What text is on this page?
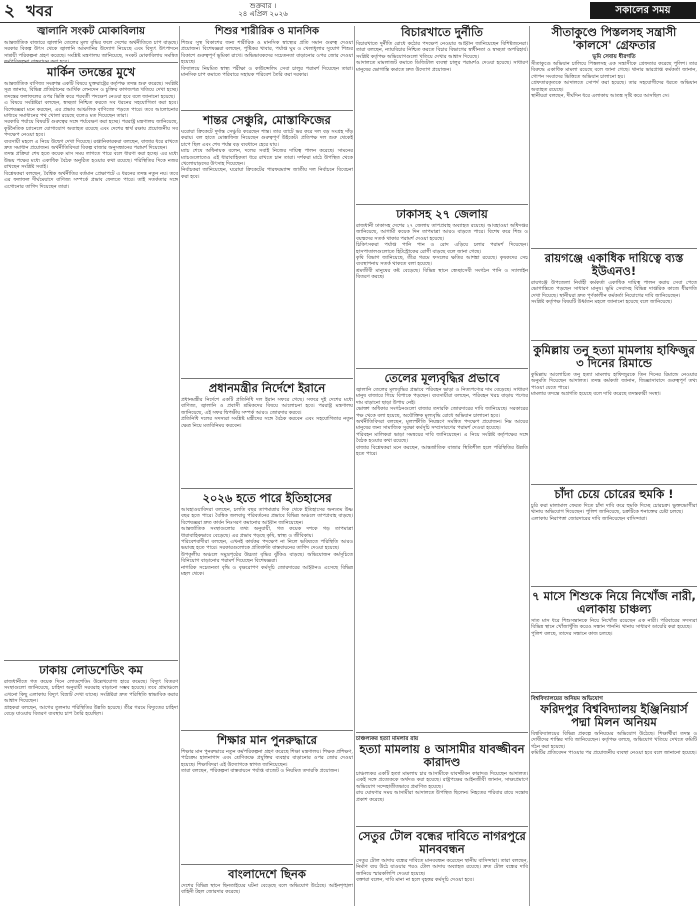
২ খবর	শুক্রবার ।
২৪ এপ্রিল ২০২৬	সকালের সময়
জ্বালানি সংকট মোকাবিলায়

আন্তর্জাতিক বাজারে জ্বালানি তেলের মূল্য বৃদ্ধির ফলে দেশের অর্থনীতিতে চাপ বাড়ছে। সরকার বিকল্প উৎস থেকে জ্বালানি আমদানির উদ্যোগ নিয়েছে এবং বিদ্যুৎ উৎপাদনে সাশ্রয়ী পরিকল্পনা গ্রহণ করেছে। সংশ্লিষ্ট মন্ত্রণালয় জানিয়েছে, সংকট মোকাবিলায় সমন্বিত

মার্কিন তদন্তের মুখে

আন্তর্জাতিক বাণিজ্য সংক্রান্ত একটি বিষয়ে যুক্তরাষ্ট্রের কর্তৃপক্ষ তদন্ত শুরু করেছে। সংশ্লিষ্ট সূত্র জানায়, বিভিন্ন প্রতিষ্ঠানের আর্থিক লেনদেন ও চুক্তির কাগজপত্র খতিয়ে দেখা হচ্ছে। তদন্তের ফলাফলের ওপর ভিত্তি করে পরবর্তী পদক্ষেপ নেওয়া হবে বলে জানানো হয়েছে।

এ বিষয়ে সংশ্লিষ্টরা বলছেন, স্বচ্ছতা নিশ্চিত করতে সব ধরনের সহযোগিতা করা হবে। বিশেষজ্ঞরা মনে করছেন, এর প্রভাব আঞ্চলিক বাণিজ্যে পড়তে পারে। তবে আলোচনার মাধ্যমে সমাধানের পথ খোলা রয়েছে বলেও মত দিয়েছেন তারা।

সরকারি পর্যায়ে বিষয়টি গুরুত্বের সঙ্গে পর্যবেক্ষণ করা হচ্ছে। পররাষ্ট্র মন্ত্রণালয় জানিয়েছে, কূটনৈতিক চ্যানেলে যোগাযোগ অব্যাহত রয়েছে এবং দেশের স্বার্থ রক্ষায় প্রয়োজনীয় সব পদক্ষেপ নেওয়া হবে।

ব্যবসায়ী মহলে এ নিয়ে উদ্বেগ দেখা দিয়েছে। রপ্তানিকারকরা বলছেন, বাজার ধরে রাখতে দ্রুত সমাধান প্রয়োজন। অর্থনীতিবিদরা বিকল্প বাজার অনুসন্ধানের পরামর্শ দিয়েছেন।

তদন্ত প্রক্রিয়া শেষ হতে কয়েক মাস সময় লাগতে পারে বলে ধারণা করা হচ্ছে। এর মধ্যে উভয় পক্ষের মধ্যে একাধিক বৈঠক অনুষ্ঠিত হওয়ার কথা রয়েছে। পরিস্থিতির দিকে নজর রাখছেন সংশ্লিষ্ট সবাই।

বিশ্লেষকরা বলছেন, বৈশ্বিক অর্থনীতির বর্তমান প্রেক্ষাপটে এ ধরনের তদন্ত নতুন নয়। তবে এর ফলাফল দীর্ঘমেয়াদে বাণিজ্য সম্পর্কে প্রভাব ফেলতে পারে। তাই সতর্কতার সঙ্গে এগোনোর তাগিদ দিয়েছেন তারা।

ঢাকায় লোডশেডিং কম

রাজধানীতে গত কয়েক দিনে লোডশেডিং উল্লেখযোগ্য হারে কমেছে। বিদ্যুৎ বিতরণ সংস্থাগুলো জানিয়েছে, চাহিদা অনুযায়ী সরবরাহ বাড়ানো সম্ভব হয়েছে। তবে গ্রামাঞ্চলে এখনো কিছু এলাকায় বিদ্যুৎ বিভ্রাট দেখা যাচ্ছে। সংশ্লিষ্টরা দ্রুত পরিস্থিতি স্বাভাবিক করার আশ্বাস দিয়েছেন।

গ্রাহকরা বলছেন, আগের তুলনায় পরিস্থিতির উন্নতি হয়েছে। তীব্র গরমে বিদ্যুতের চাহিদা বেড়ে যাওয়ায় বিতরণ ব্যবস্থায় চাপ তৈরি হয়েছিল।

শিশুর শারীরিক ও মানসিক

শিশুর সুস্থ বিকাশের জন্য শারীরিক ও মানসিক স্বাস্থ্যের প্রতি সমান গুরুত্ব দেওয়া প্রয়োজন। বিশেষজ্ঞরা বলছেন, পুষ্টিকর খাবার, পর্যাপ্ত ঘুম ও খেলাধুলার সুযোগ শিশুর বিকাশে গুরুত্বপূর্ণ ভূমিকা রাখে। অভিভাবকদের সচেতনতা বাড়ানোর ওপর জোর দেওয়া হয়েছে।

বিদ্যালয়ে নিয়মিত স্বাস্থ্য পরীক্ষা ও কাউন্সেলিং সেবা চালুর পরামর্শ দিয়েছেন তারা। মানসিক চাপ কমাতে পরিবারে সহায়ক পরিবেশ তৈরি করা দরকার।

শান্তর সেঞ্চুরি, মোস্তাফিজের

ঘরোয়া ক্রিকেটে দুর্দান্ত সেঞ্চুরি করেছেন শান্ত। তার ব্যাটে ভর করে দল বড় সংগ্রহ দাঁড় করায়। বল হাতে মোস্তাফিজ নিয়েছেন গুরুত্বপূর্ণ উইকেট। প্রতিপক্ষ দল শুরু থেকেই চাপে ছিল এবং শেষ পর্যন্ত বড় ব্যবধানে হেরে যায়।

ম্যাচ শেষে অধিনায়ক বলেন, দলের সবাই নিজের দায়িত্ব পালন করেছে। সামনের ম্যাচগুলোতেও এই ধারাবাহিকতা ধরে রাখতে চান তারা। দর্শকরা মাঠে উপস্থিত থেকে খেলোয়াড়দের উৎসাহ দিয়েছেন।

নির্বাচকরা জানিয়েছেন, ঘরোয়া ক্রিকেটের পারফরম্যান্স জাতীয় দল নির্বাচনে বিবেচনা করা হবে।

প্রধানমন্ত্রীর নির্দেশে ইরানে

প্রধানমন্ত্রীর নির্দেশে একটি প্রতিনিধি দল ইরান সফরে গেছে। সফরে দুই দেশের মধ্যে বাণিজ্য, জ্বালানি ও প্রবাসী শ্রমিকদের বিষয়ে আলোচনা হবে। পররাষ্ট্র মন্ত্রণালয় জানিয়েছে, এই সফর দ্বিপক্ষীয় সম্পর্ক আরও জোরদার করবে।

প্রতিনিধি দলের সদস্যরা সংশ্লিষ্ট মন্ত্রীদের সঙ্গে বৈঠক করবেন এবং সহযোগিতার নতুন ক্ষেত্র নিয়ে মতবিনিময় করবেন।

২০২৬ হতে পারে ইতিহাসের

আবহাওয়াবিদরা বলছেন, চলতি বছর তাপমাত্রার দিক থেকে ইতিহাসের অন্যতম উষ্ণ বছর হতে পারে। বৈশ্বিক জলবায়ু পরিবর্তনের প্রভাবে বিভিন্ন অঞ্চলে তাপপ্রবাহ বাড়ছে। বিশেষজ্ঞরা দ্রুত কার্বন নিঃসরণ কমানোর আহ্বান জানিয়েছেন।

আন্তর্জাতিক সংস্থাগুলোর তথ্য অনুযায়ী, গত কয়েক দশকে গড় তাপমাত্রা ধারাবাহিকভাবে বেড়েছে। এর প্রভাব পড়ছে কৃষি, স্বাস্থ্য ও জীবিকায়।

পরিবেশবাদীরা বলছেন, এখনই কার্যকর পদক্ষেপ না নিলে ভবিষ্যতে পরিস্থিতি আরও ভয়াবহ হতে পারে। সরকারগুলোকে প্রতিশ্রুতি বাস্তবায়নের তাগিদ দেওয়া হয়েছে।

উপকূলীয় অঞ্চলে সমুদ্রপৃষ্ঠের উচ্চতা বৃদ্ধির ঝুঁকিও বাড়ছে। অভিযোজন কর্মসূচিতে বিনিয়োগ বাড়ানোর পরামর্শ দিয়েছেন বিশেষজ্ঞরা।

নাগরিক সচেতনতা বৃদ্ধি ও বৃক্ষরোপণ কর্মসূচি জোরদারের আহ্বানও এসেছে বিভিন্ন মহল থেকে।

শিক্ষার মান পুনরুদ্ধারে

শিক্ষার মান পুনরুদ্ধারে নতুন কর্মপরিকল্পনা গ্রহণ করেছে শিক্ষা মন্ত্রণালয়। শিক্ষক প্রশিক্ষণ, পাঠ্যক্রম হালনাগাদ এবং শ্রেণিকক্ষে প্রযুক্তির ব্যবহার বাড়ানোর ওপর জোর দেওয়া হয়েছে। শিক্ষাবিদরা এই উদ্যোগকে স্বাগত জানিয়েছেন।

তারা বলছেন, পরিকল্পনা বাস্তবায়নে পর্যাপ্ত বাজেট ও নিয়মিত তদারকি প্রয়োজন।

বাংলাদেশে ছিনক

দেশের বিভিন্ন স্থানে ছিনতাইয়ের ঘটনা বেড়েছে বলে অভিযোগ উঠেছে। আইনশৃঙ্খলা বাহিনী টহল জোরদার করেছে।

বিচারখাতে দুর্নীতি

বিচারখাতে দুর্নীতি রোধে কঠোর পদক্ষেপ নেওয়ার আহ্বান জানিয়েছেন বিশিষ্টজনেরা। তারা বলছেন, ন্যায়বিচার নিশ্চিত করতে বিচার বিভাগের স্বাধীনতা ও স্বচ্ছতা অপরিহার্য। সংশ্লিষ্ট কর্তৃপক্ষ অভিযোগগুলো খতিয়ে দেখার আশ্বাস দিয়েছে।

আদালতে মামলাজট কমাতে ডিজিটাল ব্যবস্থা চালুর পরামর্শও দেওয়া হয়েছে। সাধারণ মানুষের ভোগান্তি কমাতে দ্রুত উদ্যোগ প্রয়োজন।

ঢাকাসহ ২৭ জেলায়

রাজধানী ঢাকাসহ দেশের ২৭ জেলায় তাপপ্রবাহ অব্যাহত রয়েছে। আবহাওয়া অধিদপ্তর জানিয়েছে, আগামী কয়েক দিন তাপমাত্রা আরও বাড়তে পারে। বিশেষ করে শিশু ও বয়স্কদের সতর্ক থাকার পরামর্শ দেওয়া হয়েছে।

চিকিৎসকরা পর্যাপ্ত পানি পান ও রোদ এড়িয়ে চলার পরামর্শ দিয়েছেন। হাসপাতালগুলোতে হিটস্ট্রোকের রোগী বাড়ছে বলে জানা গেছে।

কৃষি বিভাগ জানিয়েছে, তীব্র গরমে ফসলের ক্ষতির আশঙ্কা রয়েছে। কৃষকদের সেচ ব্যবস্থাপনায় সতর্ক থাকতে বলা হয়েছে।

শ্রমজীবী মানুষের কষ্ট বেড়েছে। বিভিন্ন স্থানে স্বেচ্ছাসেবী সংগঠন পানি ও স্যালাইন বিতরণ করছে।

তেলের মূল্যবৃদ্ধির প্রভাবে

জ্বালানি তেলের মূল্যবৃদ্ধির প্রভাবে পরিবহন ভাড়া ও নিত্যপণ্যের দাম বেড়েছে। সাধারণ মানুষ বাজারে গিয়ে বিপাকে পড়ছেন। ব্যবসায়ীরা বলছেন, পরিবহন খরচ বাড়ায় পণ্যের দাম বাড়ানো ছাড়া উপায় নেই।

ভোক্তা অধিকার সংগঠনগুলো বাজার তদারকি জোরদারের দাবি জানিয়েছে। সরকারের পক্ষ থেকে বলা হয়েছে, অযৌক্তিক মূল্যবৃদ্ধি রোধে অভিযান চালানো হবে।

অর্থনীতিবিদরা বলছেন, মূল্যস্ফীতি নিয়ন্ত্রণে সমন্বিত পদক্ষেপ প্রয়োজন। নিম্ন আয়ের মানুষের জন্য সামাজিক সুরক্ষা কর্মসূচি সম্প্রসারণের পরামর্শ দেওয়া হয়েছে।

পরিবহন মালিকরা ভাড়া সমন্বয়ের দাবি জানিয়েছেন। এ নিয়ে সংশ্লিষ্ট কর্তৃপক্ষের সঙ্গে বৈঠক হওয়ার কথা রয়েছে।

বাজার বিশ্লেষকরা মনে করছেন, আন্তর্জাতিক বাজার স্থিতিশীল হলে পরিস্থিতির উন্নতি হতে পারে।

চাঞ্চল্যকর হত্যা মামলার রায়
হত্যা মামলায় ৪ আসামীর যাবজ্জীবন কারাদণ্ড

চাঞ্চল্যকর একটি হত্যা মামলায় চার আসামীকে যাবজ্জীবন কারাদণ্ড দিয়েছেন আদালত। একই সঙ্গে প্রত্যেককে অর্থদণ্ড করা হয়েছে। রাষ্ট্রপক্ষের আইনজীবী জানান, সাক্ষ্যপ্রমাণে অভিযোগ সন্দেহাতীতভাবে প্রমাণিত হয়েছে।

রায় ঘোষণার সময় আসামীরা আদালতে উপস্থিত ছিলেন। নিহতের পরিবার রায়ে সন্তোষ প্রকাশ করেছে।

সেতুর টোল বন্ধের দাবিতে নাগরপুরে মানববন্ধন

সেতুর টোল আদায় বন্ধের দাবিতে মানববন্ধন করেছেন স্থানীয় বাসিন্দারা। তারা বলছেন, নির্মাণ ব্যয় উঠে যাওয়ার পরও টোল আদায় অব্যাহত রয়েছে। দ্রুত টোল বন্ধের দাবি জানিয়ে স্মারকলিপি দেওয়া হয়েছে।

বক্তারা বলেন, দাবি মানা না হলে বৃহত্তর কর্মসূচি দেওয়া হবে।

সীতাকুণ্ডে পিস্তলসহ সন্ত্রাসী 'কালসে' গ্রেফতার
ভূমি সেবায় ধীরগতি

সীতাকুণ্ডে অভিযান চালিয়ে পিস্তলসহ এক সন্ত্রাসীকে গ্রেফতার করেছে পুলিশ। তার বিরুদ্ধে একাধিক মামলা রয়েছে বলে জানা গেছে। থানার ভারপ্রাপ্ত কর্মকর্তা জানান, গোপন সংবাদের ভিত্তিতে অভিযান চালানো হয়।

গ্রেফতারকৃতকে আদালতে সোপর্দ করা হয়েছে। তার সহযোগীদের ধরতে অভিযান অব্যাহত রয়েছে।

স্থানীয়রা বলছেন, দীর্ঘদিন ধরে এলাকায় আতঙ্ক সৃষ্টি করে আসছিল সে।

রায়গঞ্জে একাধিক দায়িত্বে ব্যস্ত ইউএনও!

রায়গঞ্জে উপজেলা নির্বাহী কর্মকর্তা একাধিক দায়িত্ব পালন করায় সেবা পেতে ভোগান্তিতে পড়ছেন সাধারণ মানুষ। ভূমি সেবাসহ বিভিন্ন দাপ্তরিক কাজে ধীরগতি দেখা দিয়েছে। স্থানীয়রা দ্রুত পূর্ণকালীন কর্মকর্তা নিয়োগের দাবি জানিয়েছেন।

সংশ্লিষ্ট কর্তৃপক্ষ বিষয়টি উর্ধ্বতন মহলে জানানো হয়েছে বলে জানিয়েছে।

কুমিল্লায় তনু হত্যা মামলায় হাফিজুর ৩ দিনের রিমান্ডে

কুমিল্লায় আলোচিত তনু হত্যা মামলায় হাফিজুরকে তিন দিনের রিমান্ডে নেওয়ার অনুমতি দিয়েছেন আদালত। তদন্ত কর্মকর্তা জানান, জিজ্ঞাসাবাদে গুরুত্বপূর্ণ তথ্য পাওয়া যেতে পারে।

মামলার তদন্তে অগ্রগতি হয়েছে বলে দাবি করেছে তদন্তকারী সংস্থা।

চাঁদা চেয়ে চোরের হুমকি !

চুরি করা মালামাল ফেরত দিতে চাঁদা দাবি করে হুমকি দিচ্ছে চোরচক্র। ভুক্তভোগীরা থানায় অভিযোগ দিয়েছেন। পুলিশ জানিয়েছে, চক্রটিকে শনাক্তের চেষ্টা চলছে।

এলাকায় নিরাপত্তা জোরদারের দাবি জানিয়েছেন বাসিন্দারা।

৭ মাসে শিশুকে নিয়ে নিখোঁজ নারী, এলাকায় চাঞ্চল্য

সাত মাস ধরে শিশুসন্তানকে নিয়ে নিখোঁজ রয়েছেন এক নারী। পরিবারের সদস্যরা বিভিন্ন স্থানে খোঁজাখুঁজি করেও সন্ধান পাননি। থানায় সাধারণ ডায়েরি করা হয়েছে।

পুলিশ বলছে, তাদের সন্ধানে কাজ চলছে।

বিশ্ববিদ্যালয়ের অনিয়ম অভিযোগ
ফরিদপুর বিশ্ববিদ্যালয় ইঞ্জিনিয়ার্স পদ্মা মিলন অনিয়ম

বিশ্ববিদ্যালয়ের বিভিন্ন প্রকল্পে অনিয়মের অভিযোগ উঠেছে। শিক্ষার্থীরা তদন্ত ও দোষীদের শাস্তির দাবি জানিয়েছেন। কর্তৃপক্ষ বলছে, অভিযোগ খতিয়ে দেখতে কমিটি গঠন করা হয়েছে।

কমিটির প্রতিবেদন পাওয়ার পর প্রয়োজনীয় ব্যবস্থা নেওয়া হবে বলে জানানো হয়েছে।
